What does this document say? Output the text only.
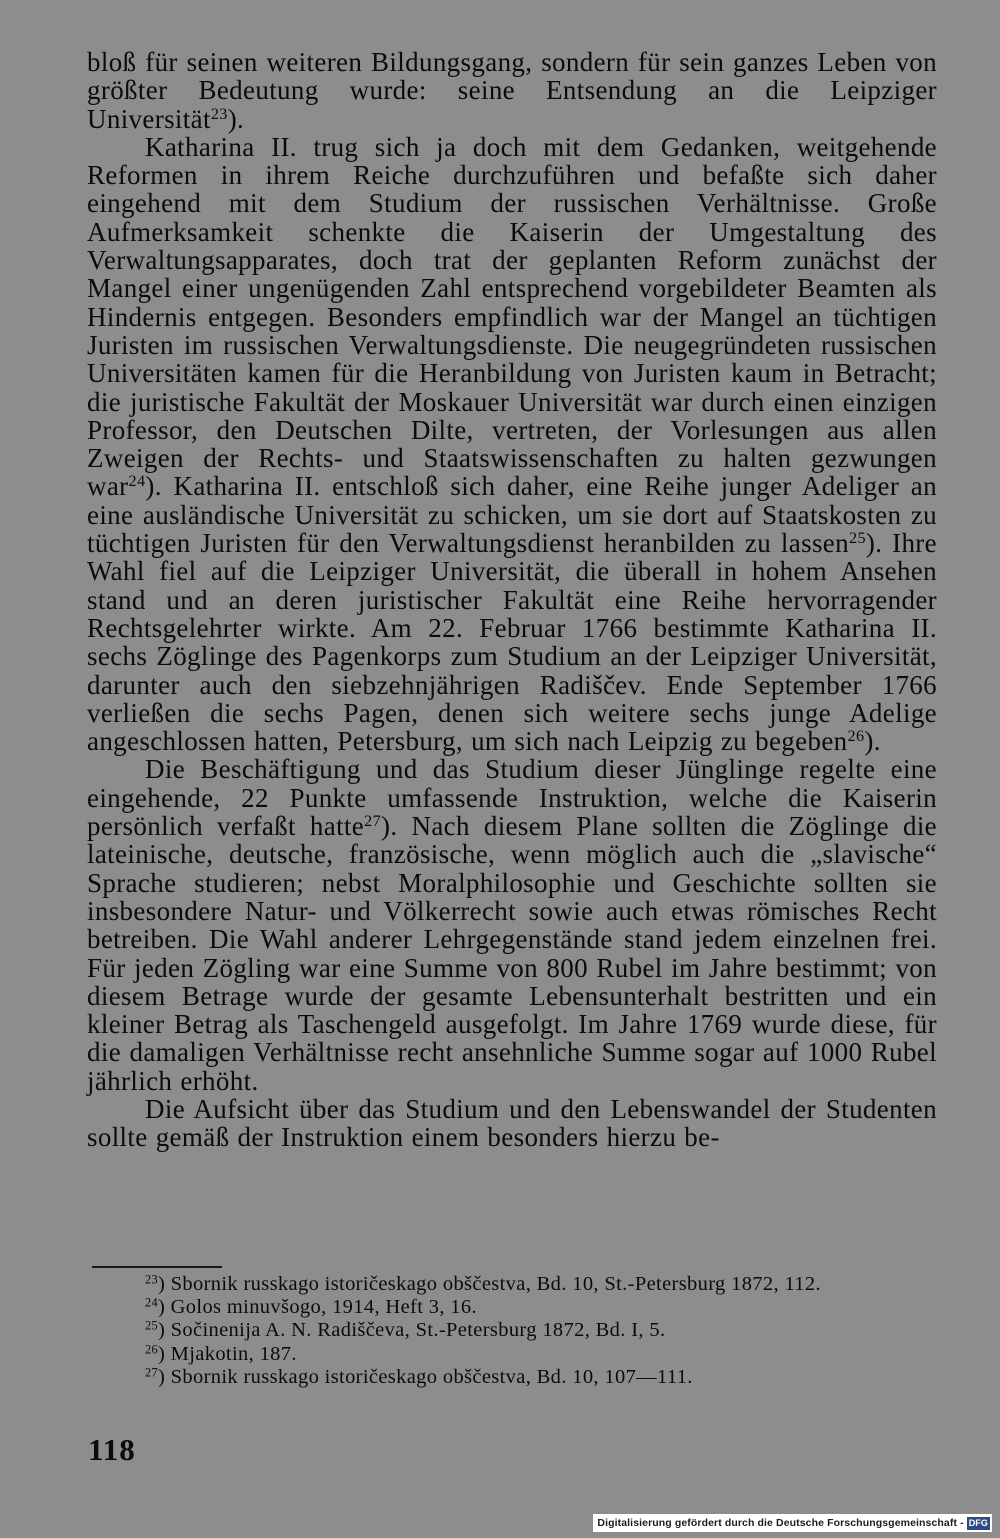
bloß für seinen weiteren Bildungsgang, sondern für sein ganzes Leben von größter Bedeutung wurde: seine Entsendung an die Leipziger Universität$^{23}$).

Katharina II. trug sich ja doch mit dem Gedanken, weitgehende Reformen in ihrem Reiche durchzuführen und befaßte sich daher eingehend mit dem Studium der russischen Verhältnisse. Große Aufmerksamkeit schenkte die Kaiserin der Umgestaltung des Verwaltungsapparates, doch trat der geplanten Reform zunächst der Mangel einer ungenügenden Zahl entsprechend vorgebildeter Beamten als Hindernis entgegen. Besonders empfindlich war der Mangel an tüchtigen Juristen im russischen Verwaltungsdienste. Die neugegründeten russischen Universitäten kamen für die Heranbildung von Juristen kaum in Betracht; die juristische Fakultät der Moskauer Universität war durch einen einzigen Professor, den Deutschen Dilte, vertreten, der Vorlesungen aus allen Zweigen der Rechts- und Staatswissenschaften zu halten gezwungen war$^{24}$). Katharina II. entschloß sich daher, eine Reihe junger Adeliger an eine ausländische Universität zu schicken, um sie dort auf Staatskosten zu tüchtigen Juristen für den Verwaltungsdienst heranbilden zu lassen$^{25}$). Ihre Wahl fiel auf die Leipziger Universität, die überall in hohem Ansehen stand und an deren juristischer Fakultät eine Reihe hervorragender Rechtsgelehrter wirkte. Am 22. Februar 1766 bestimmte Katharina II. sechs Zöglinge des Pagenkorps zum Studium an der Leipziger Universität, darunter auch den siebzehnjährigen Radiščev. Ende September 1766 verließen die sechs Pagen, denen sich weitere sechs junge Adelige angeschlossen hatten, Petersburg, um sich nach Leipzig zu begeben$^{26}$).

Die Beschäftigung und das Studium dieser Jünglinge regelte eine eingehende, 22 Punkte umfassende Instruktion, welche die Kaiserin persönlich verfaßt hatte$^{27}$). Nach diesem Plane sollten die Zöglinge die lateinische, deutsche, französische, wenn möglich auch die „slavische“ Sprache studieren; nebst Moralphilosophie und Geschichte sollten sie insbesondere Natur- und Völkerrecht sowie auch etwas römisches Recht betreiben. Die Wahl anderer Lehrgegenstände stand jedem einzelnen frei. Für jeden Zögling war eine Summe von 800 Rubel im Jahre bestimmt; von diesem Betrage wurde der gesamte Lebensunterhalt bestritten und ein kleiner Betrag als Taschengeld ausgefolgt. Im Jahre 1769 wurde diese, für die damaligen Verhältnisse recht ansehnliche Summe sogar auf 1000 Rubel jährlich erhöht.

Die Aufsicht über das Studium und den Lebenswandel der Studenten sollte gemäß der Instruktion einem besonders hierzu be-

$^{23}$) Sbornik russkago istoričeskago obščestva, Bd. 10, St.-Petersburg 1872, 112.

$^{24}$) Golos minuvšogo, 1914, Heft 3, 16.

$^{25}$) Sočinenija A. N. Radiščeva, St.-Petersburg 1872, Bd. I, 5.

$^{26}$) Mjakotin, 187.

$^{27}$) Sbornik russkago istoričeskago obščestva, Bd. 10, 107—111.

118
Digitalisierung gefördert durch die Deutsche Forschungsgemeinschaft - DFG
